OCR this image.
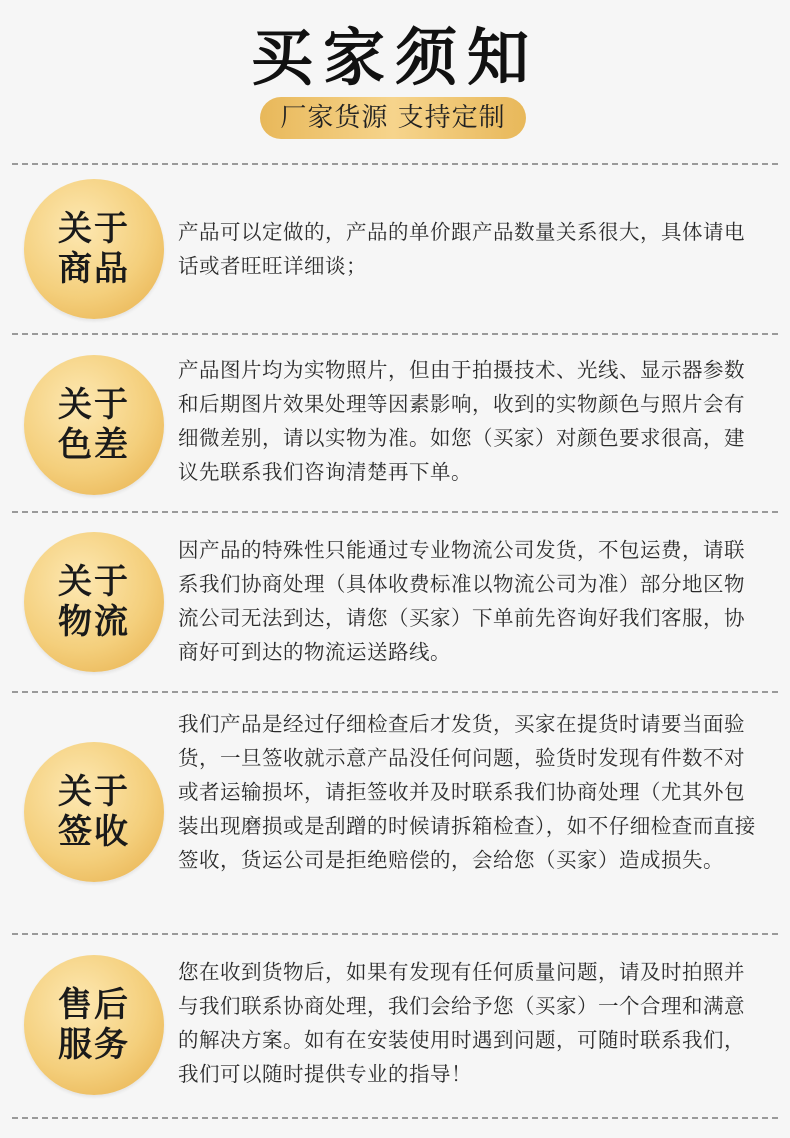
买家须知
厂家货源 支持定制
关于
商品
产品可以定做的，产品的单价跟产品数量关系很大，具体请电话或者旺旺详细谈；
关于
色差
产品图片均为实物照片，但由于拍摄技术、光线、显示器参数和后期图片效果处理等因素影响，收到的实物颜色与照片会有细微差别，请以实物为准。如您（买家）对颜色要求很高，建议先联系我们咨询清楚再下单。
关于
物流
因产品的特殊性只能通过专业物流公司发货，不包运费，请联系我们协商处理（具体收费标准以物流公司为准）部分地区物流公司无法到达，请您（买家）下单前先咨询好我们客服，协商好可到达的物流运送路线。
关于
签收
我们产品是经过仔细检查后才发货，买家在提货时请要当面验货，一旦签收就示意产品没任何问题，验货时发现有件数不对或者运输损坏，请拒签收并及时联系我们协商处理（尤其外包装出现磨损或是刮蹭的时候请拆箱检查），如不仔细检查而直接签收，货运公司是拒绝赔偿的，会给您（买家）造成损失。
售后
服务
您在收到货物后，如果有发现有任何质量问题，请及时拍照并与我们联系协商处理，我们会给予您（买家）一个合理和满意的解决方案。如有在安装使用时遇到问题，可随时联系我们，我们可以随时提供专业的指导！
